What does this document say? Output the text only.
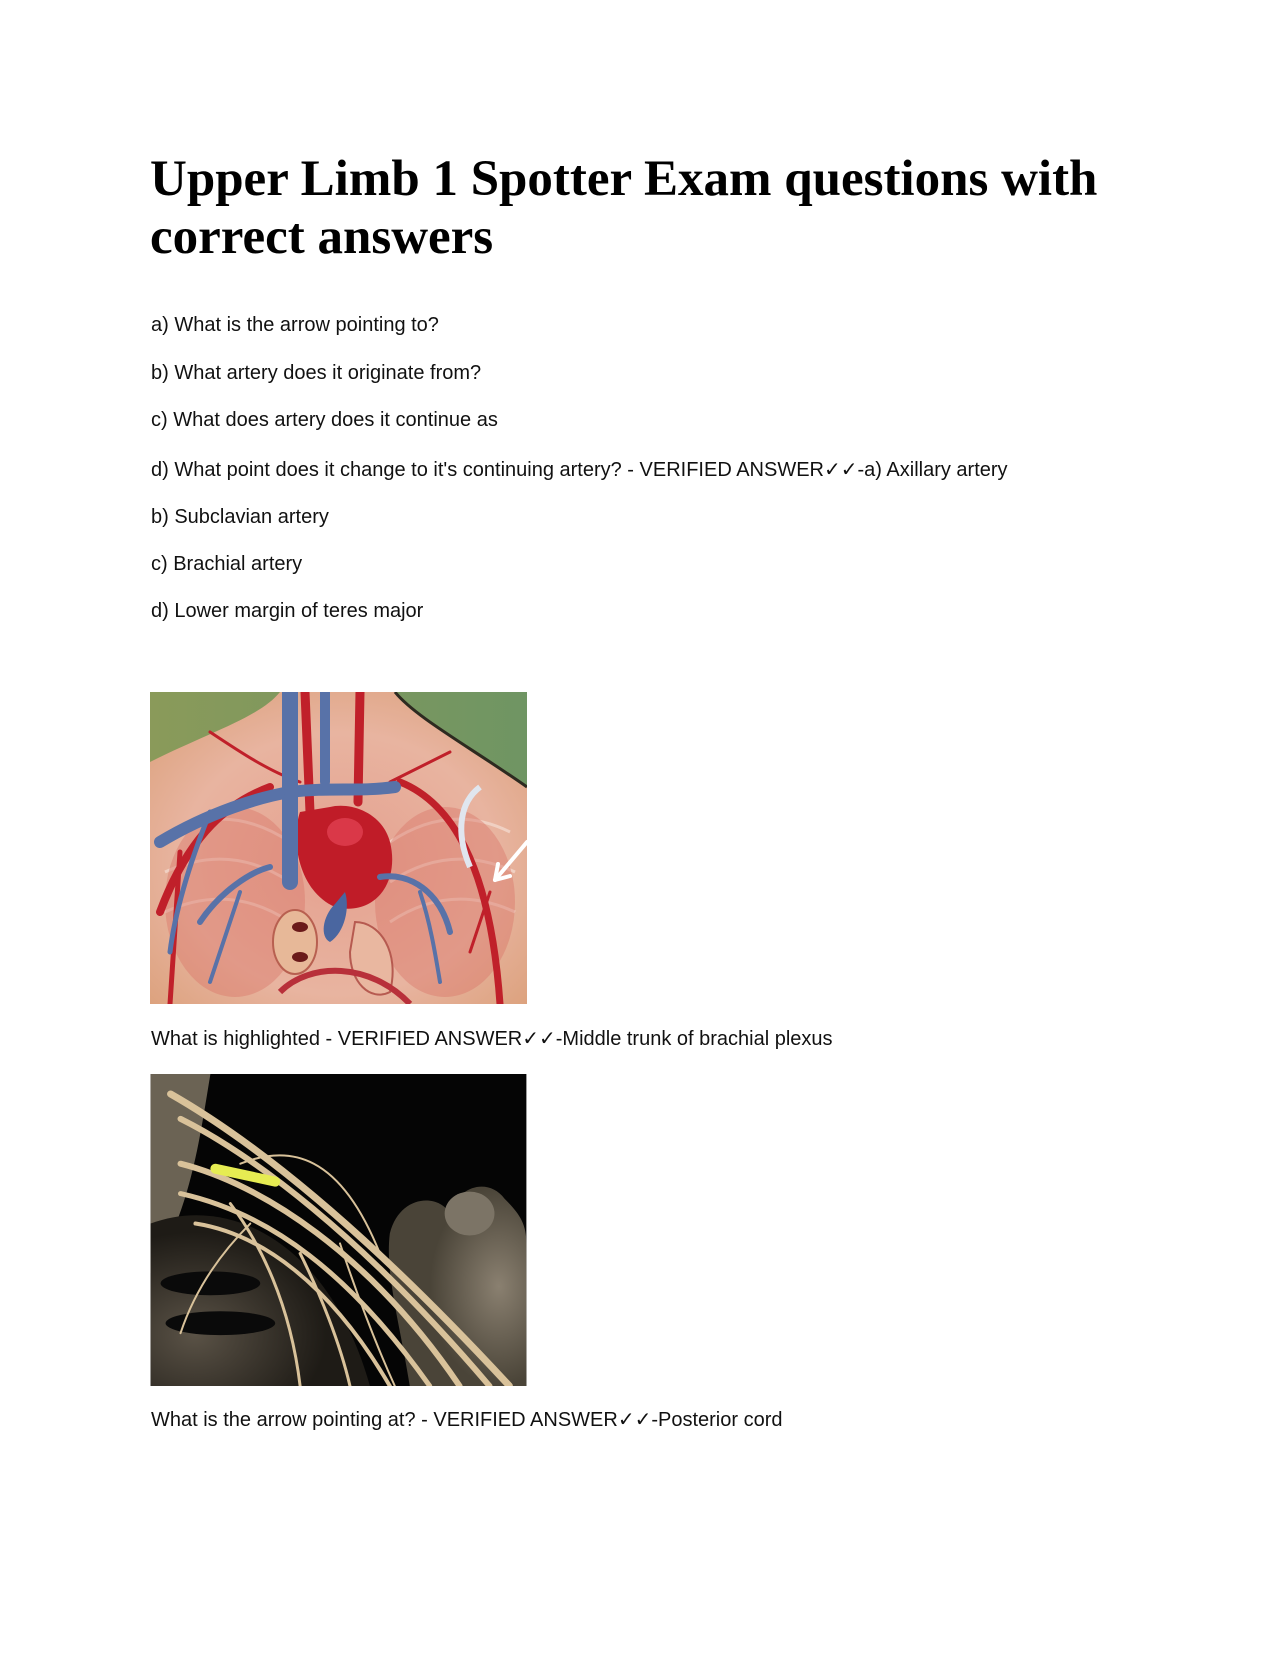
Upper Limb 1 Spotter Exam questions with correct answers
a) What is the arrow pointing to?
b) What artery does it originate from?
c) What does artery does it continue as
d) What point does it change to it's continuing artery? - VERIFIED ANSWER✓✓-a) Axillary artery
b) Subclavian artery
c) Brachial artery
d) Lower margin of teres major
What is highlighted - VERIFIED ANSWER✓✓-Middle trunk of brachial plexus
What is the arrow pointing at? - VERIFIED ANSWER✓✓-Posterior cord
